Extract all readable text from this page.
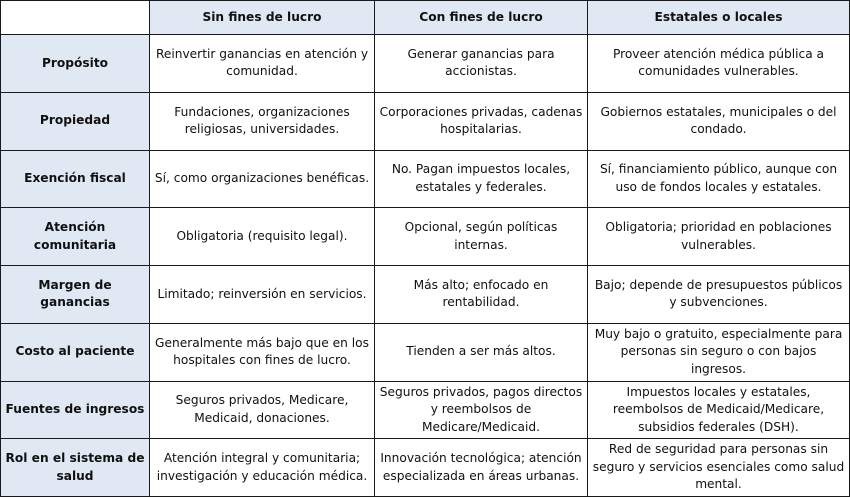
	Sin fines de lucro	Con fines de lucro	Estatales o locales
Propósito	Reinvertir ganancias en atención y comunidad.	Generar ganancias para accionistas.	Proveer atención médica pública a comunidades vulnerables.
Propiedad	Fundaciones, organizaciones religiosas, universidades.	Corporaciones privadas, cadenas hospitalarias.	Gobiernos estatales, municipales o del condado.
Exención fiscal	Sí, como organizaciones benéficas.	No. Pagan impuestos locales, estatales y federales.	Sí, financiamiento público, aunque con uso de fondos locales y estatales.
Atención comunitaria	Obligatoria (requisito legal).	Opcional, según políticas internas.	Obligatoria; prioridad en poblaciones vulnerables.
Margen de ganancias	Limitado; reinversión en servicios.	Más alto; enfocado en rentabilidad.	Bajo; depende de presupuestos públicos y subvenciones.
Costo al paciente	Generalmente más bajo que en los hospitales con fines de lucro.	Tienden a ser más altos.	Muy bajo o gratuito, especialmente para personas sin seguro o con bajos ingresos.
Fuentes de ingresos	Seguros privados, Medicare, Medicaid, donaciones.	Seguros privados, pagos directos y reembolsos de Medicare/Medicaid.	Impuestos locales y estatales, reembolsos de Medicaid/Medicare, subsidios federales (DSH).
Rol en el sistema de salud	Atención integral y comunitaria; investigación y educación médica.	Innovación tecnológica; atención especializada en áreas urbanas.	Red de seguridad para personas sin seguro y servicios esenciales como salud mental.
